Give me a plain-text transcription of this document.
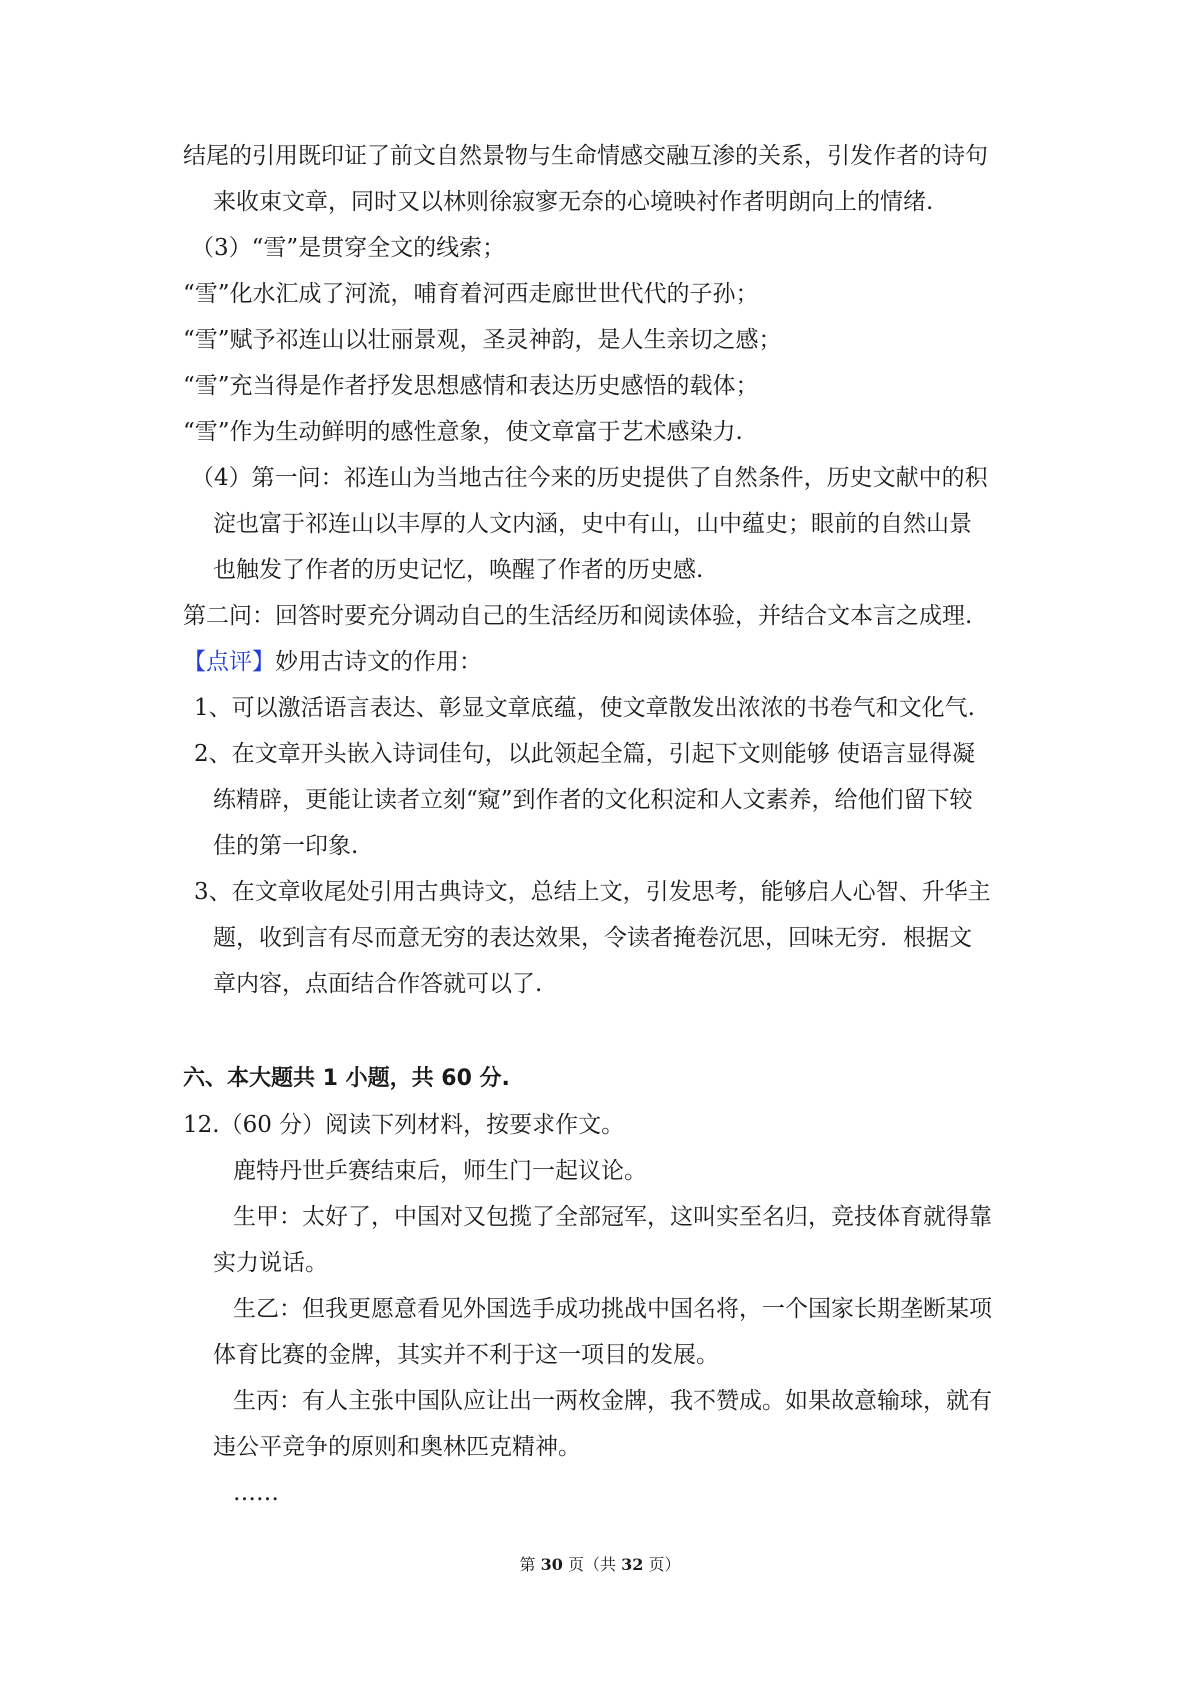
结尾的引用既印证了前文自然景物与生命情感交融互渗的关系，引发作者的诗句
来收束文章，同时又以林则徐寂寥无奈的心境映衬作者明朗向上的情绪.
（3）“雪”是贯穿全文的线索；
“雪”化水汇成了河流，哺育着河西走廊世世代代的子孙；
“雪”赋予祁连山以壮丽景观，圣灵神韵，是人生亲切之感；
“雪”充当得是作者抒发思想感情和表达历史感悟的载体；
“雪”作为生动鲜明的感性意象，使文章富于艺术感染力.
（4）第一问：祁连山为当地古往今来的历史提供了自然条件，历史文献中的积
淀也富于祁连山以丰厚的人文内涵，史中有山，山中蕴史；眼前的自然山景
也触发了作者的历史记忆，唤醒了作者的历史感.
第二问：回答时要充分调动自己的生活经历和阅读体验，并结合文本言之成理.
【点评】妙用古诗文的作用：
1、可以激活语言表达、彰显文章底蕴，使文章散发出浓浓的书卷气和文化气.
2、在文章开头嵌入诗词佳句，以此领起全篇，引起下文则能够 使语言显得凝
练精辟，更能让读者立刻“窥”到作者的文化积淀和人文素养，给他们留下较
佳的第一印象.
3、在文章收尾处引用古典诗文，总结上文，引发思考，能够启人心智、升华主
题，收到言有尽而意无穷的表达效果，令读者掩卷沉思，回味无穷．根据文
章内容，点面结合作答就可以了.
六、本大题共 1 小题，共 60 分.
12.（60 分）阅读下列材料，按要求作文。
鹿特丹世乒赛结束后，师生门一起议论。
生甲：太好了，中国对又包揽了全部冠军，这叫实至名归，竞技体育就得靠
实力说话。
生乙：但我更愿意看见外国选手成功挑战中国名将，一个国家长期垄断某项
体育比赛的金牌，其实并不利于这一项目的发展。
生丙：有人主张中国队应让出一两枚金牌，我不赞成。如果故意输球，就有
违公平竞争的原则和奥林匹克精神。
……
第 30 页（共 32 页）
